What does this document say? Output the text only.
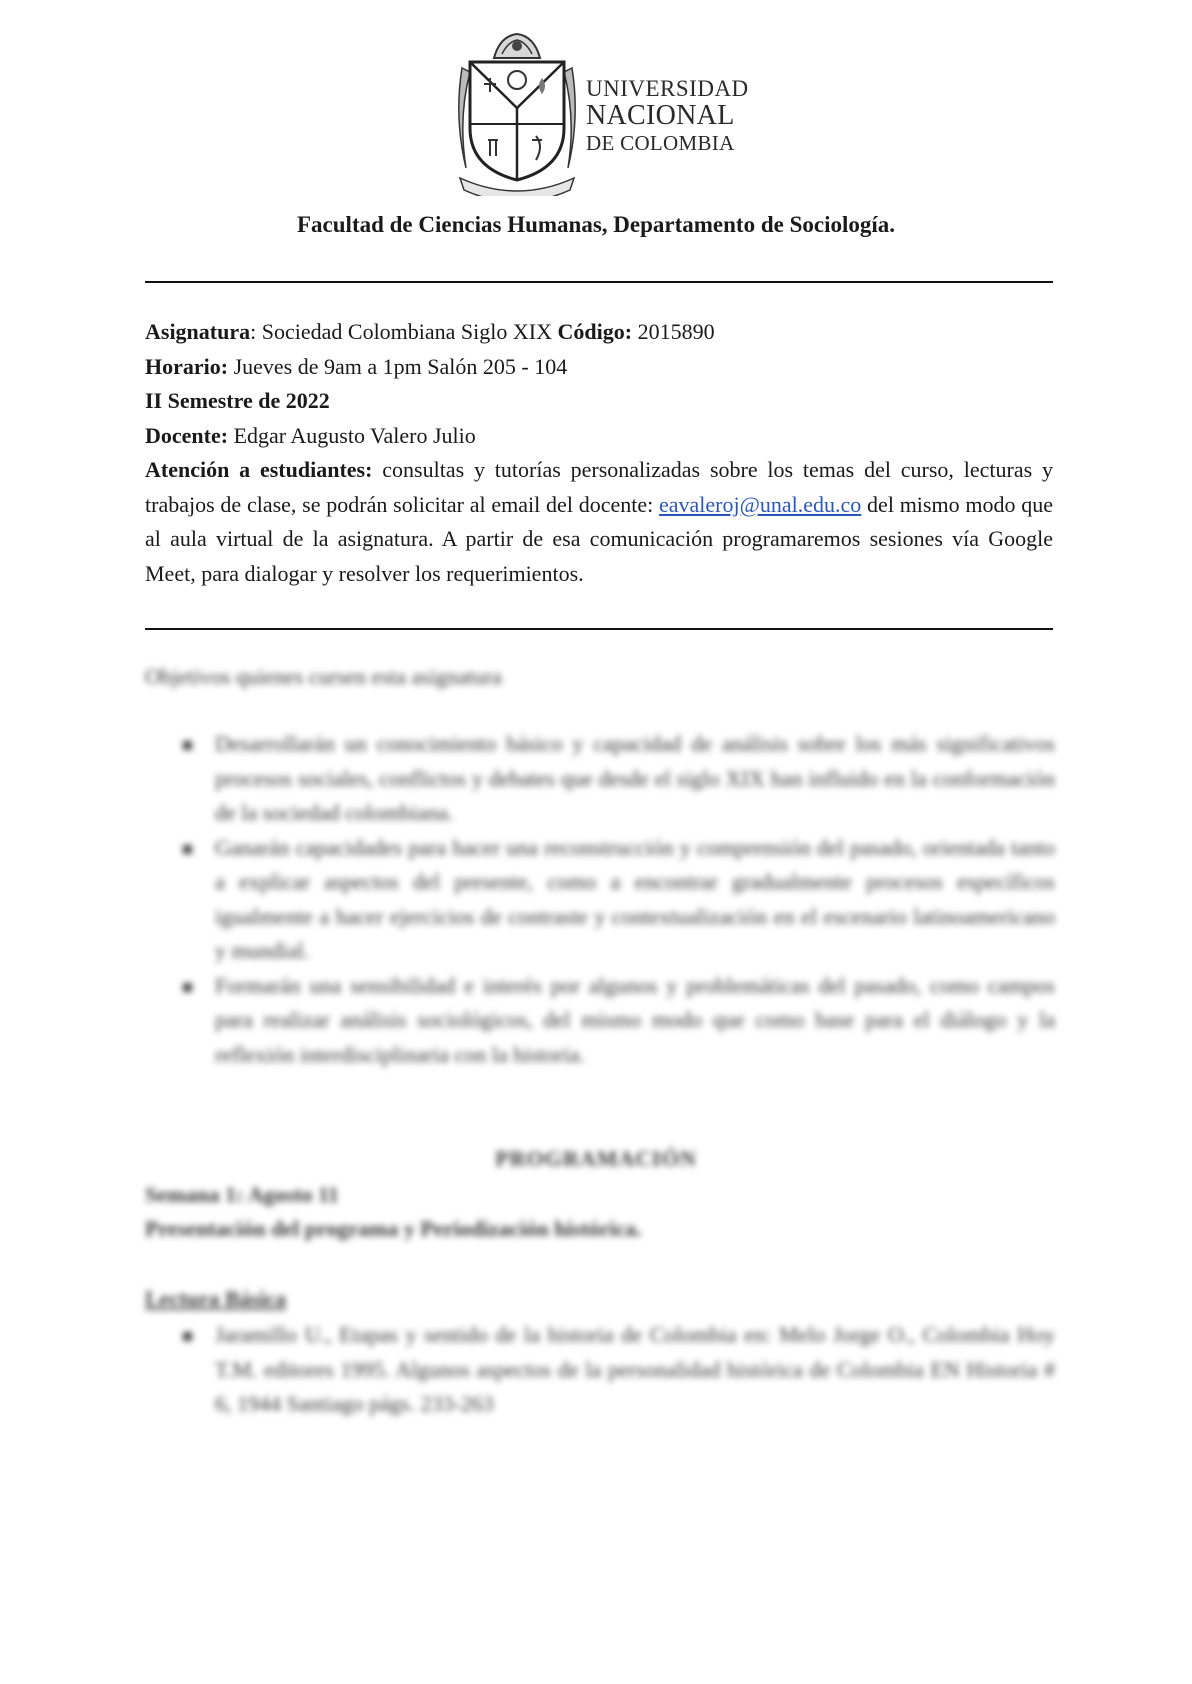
UNIVERSIDAD
NACIONAL
DE COLOMBIA
Facultad de Ciencias Humanas, Departamento de Sociología.

Asignatura: Sociedad Colombiana Siglo XIX Código: 2015890

Horario: Jueves de 9am a 1pm Salón 205 - 104

II Semestre de 2022

Docente: Edgar Augusto Valero Julio

Atención a estudiantes: consultas y tutorías personalizadas sobre los temas del curso, lecturas y trabajos de clase, se podrán solicitar al email del docente: eavaleroj@unal.edu.co del mismo modo que al aula virtual de la asignatura. A partir de esa comunicación programaremos sesiones vía Google Meet, para dialogar y resolver los requerimientos.

Objetivos quienes cursen esta asignatura
Desarrollarán un conocimiento básico y capacidad de análisis sobre los más significativos procesos sociales, conflictos y debates que desde el siglo XIX han influido en la conformación de la sociedad colombiana.
Ganarán capacidades para hacer una reconstrucción y comprensión del pasado, orientada tanto a explicar aspectos del presente, como a encontrar gradualmente procesos específicos igualmente a hacer ejercicios de contraste y contextualización en el escenario latinoamericano y mundial.
Formarán una sensibilidad e interés por algunos y problemáticas del pasado, como campos para realizar análisis sociológicos, del mismo modo que como base para el diálogo y la reflexión interdisciplinaria con la historia.
PROGRAMACIÓN
Semana 1: Agosto 11
Presentación del programa y Periodización histórica.
Lectura Básica
Jaramillo U., Etapas y sentido de la historia de Colombia en: Melo Jorge O., Colombia Hoy T.M. editores 1995. Algunos aspectos de la personalidad histórica de Colombia EN Historia # 6, 1944 Santiago págs. 233-263
